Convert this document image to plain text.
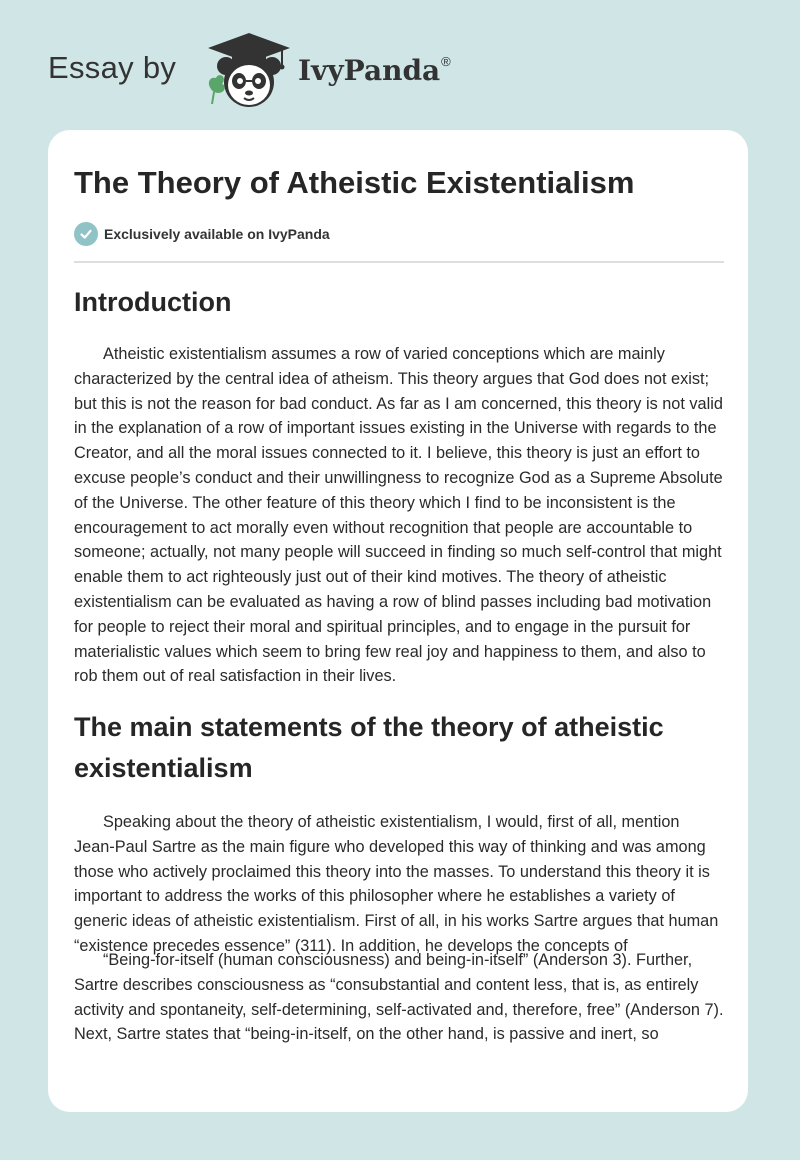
Essay by	IvyPanda®
The Theory of Atheistic Existentialism
Exclusively available on IvyPanda
Introduction

Atheistic existentialism assumes a row of varied conceptions which are mainly characterized by the central idea of atheism. This theory argues that God does not exist; but this is not the reason for bad conduct. As far as I am concerned, this theory is not valid in the explanation of a row of important issues existing in the Universe with regards to the Creator, and all the moral issues connected to it. I believe, this theory is just an effort to excuse people’s conduct and their unwillingness to recognize God as a Supreme Absolute of the Universe. The other feature of this theory which I find to be inconsistent is the encouragement to act morally even without recognition that people are accountable to someone; actually, not many people will succeed in finding so much self-control that might enable them to act righteously just out of their kind motives. The theory of atheistic existentialism can be evaluated as having a row of blind passes including bad motivation for people to reject their moral and spiritual principles, and to engage in the pursuit for materialistic values which seem to bring few real joy and happiness to them, and also to rob them out of real satisfaction in their lives.

The main statements of the theory of atheistic existentialism

Speaking about the theory of atheistic existentialism, I would, first of all, mention Jean-Paul Sartre as the main figure who developed this way of thinking and was among those who actively proclaimed this theory into the masses. To understand this theory it is important to address the works of this philosopher where he establishes a variety of generic ideas of atheistic existentialism. First of all, in his works Sartre argues that human “existence precedes essence” (311). In addition, he develops the concepts of

“Being-for-itself (human consciousness) and being-in-itself” (Anderson 3). Further, Sartre describes consciousness as “consubstantial and content less, that is, as entirely activity and spontaneity, self-determining, self-activated and, therefore, free” (Anderson 7). Next, Sartre states that “being-in-itself, on the other hand, is passive and inert, so
